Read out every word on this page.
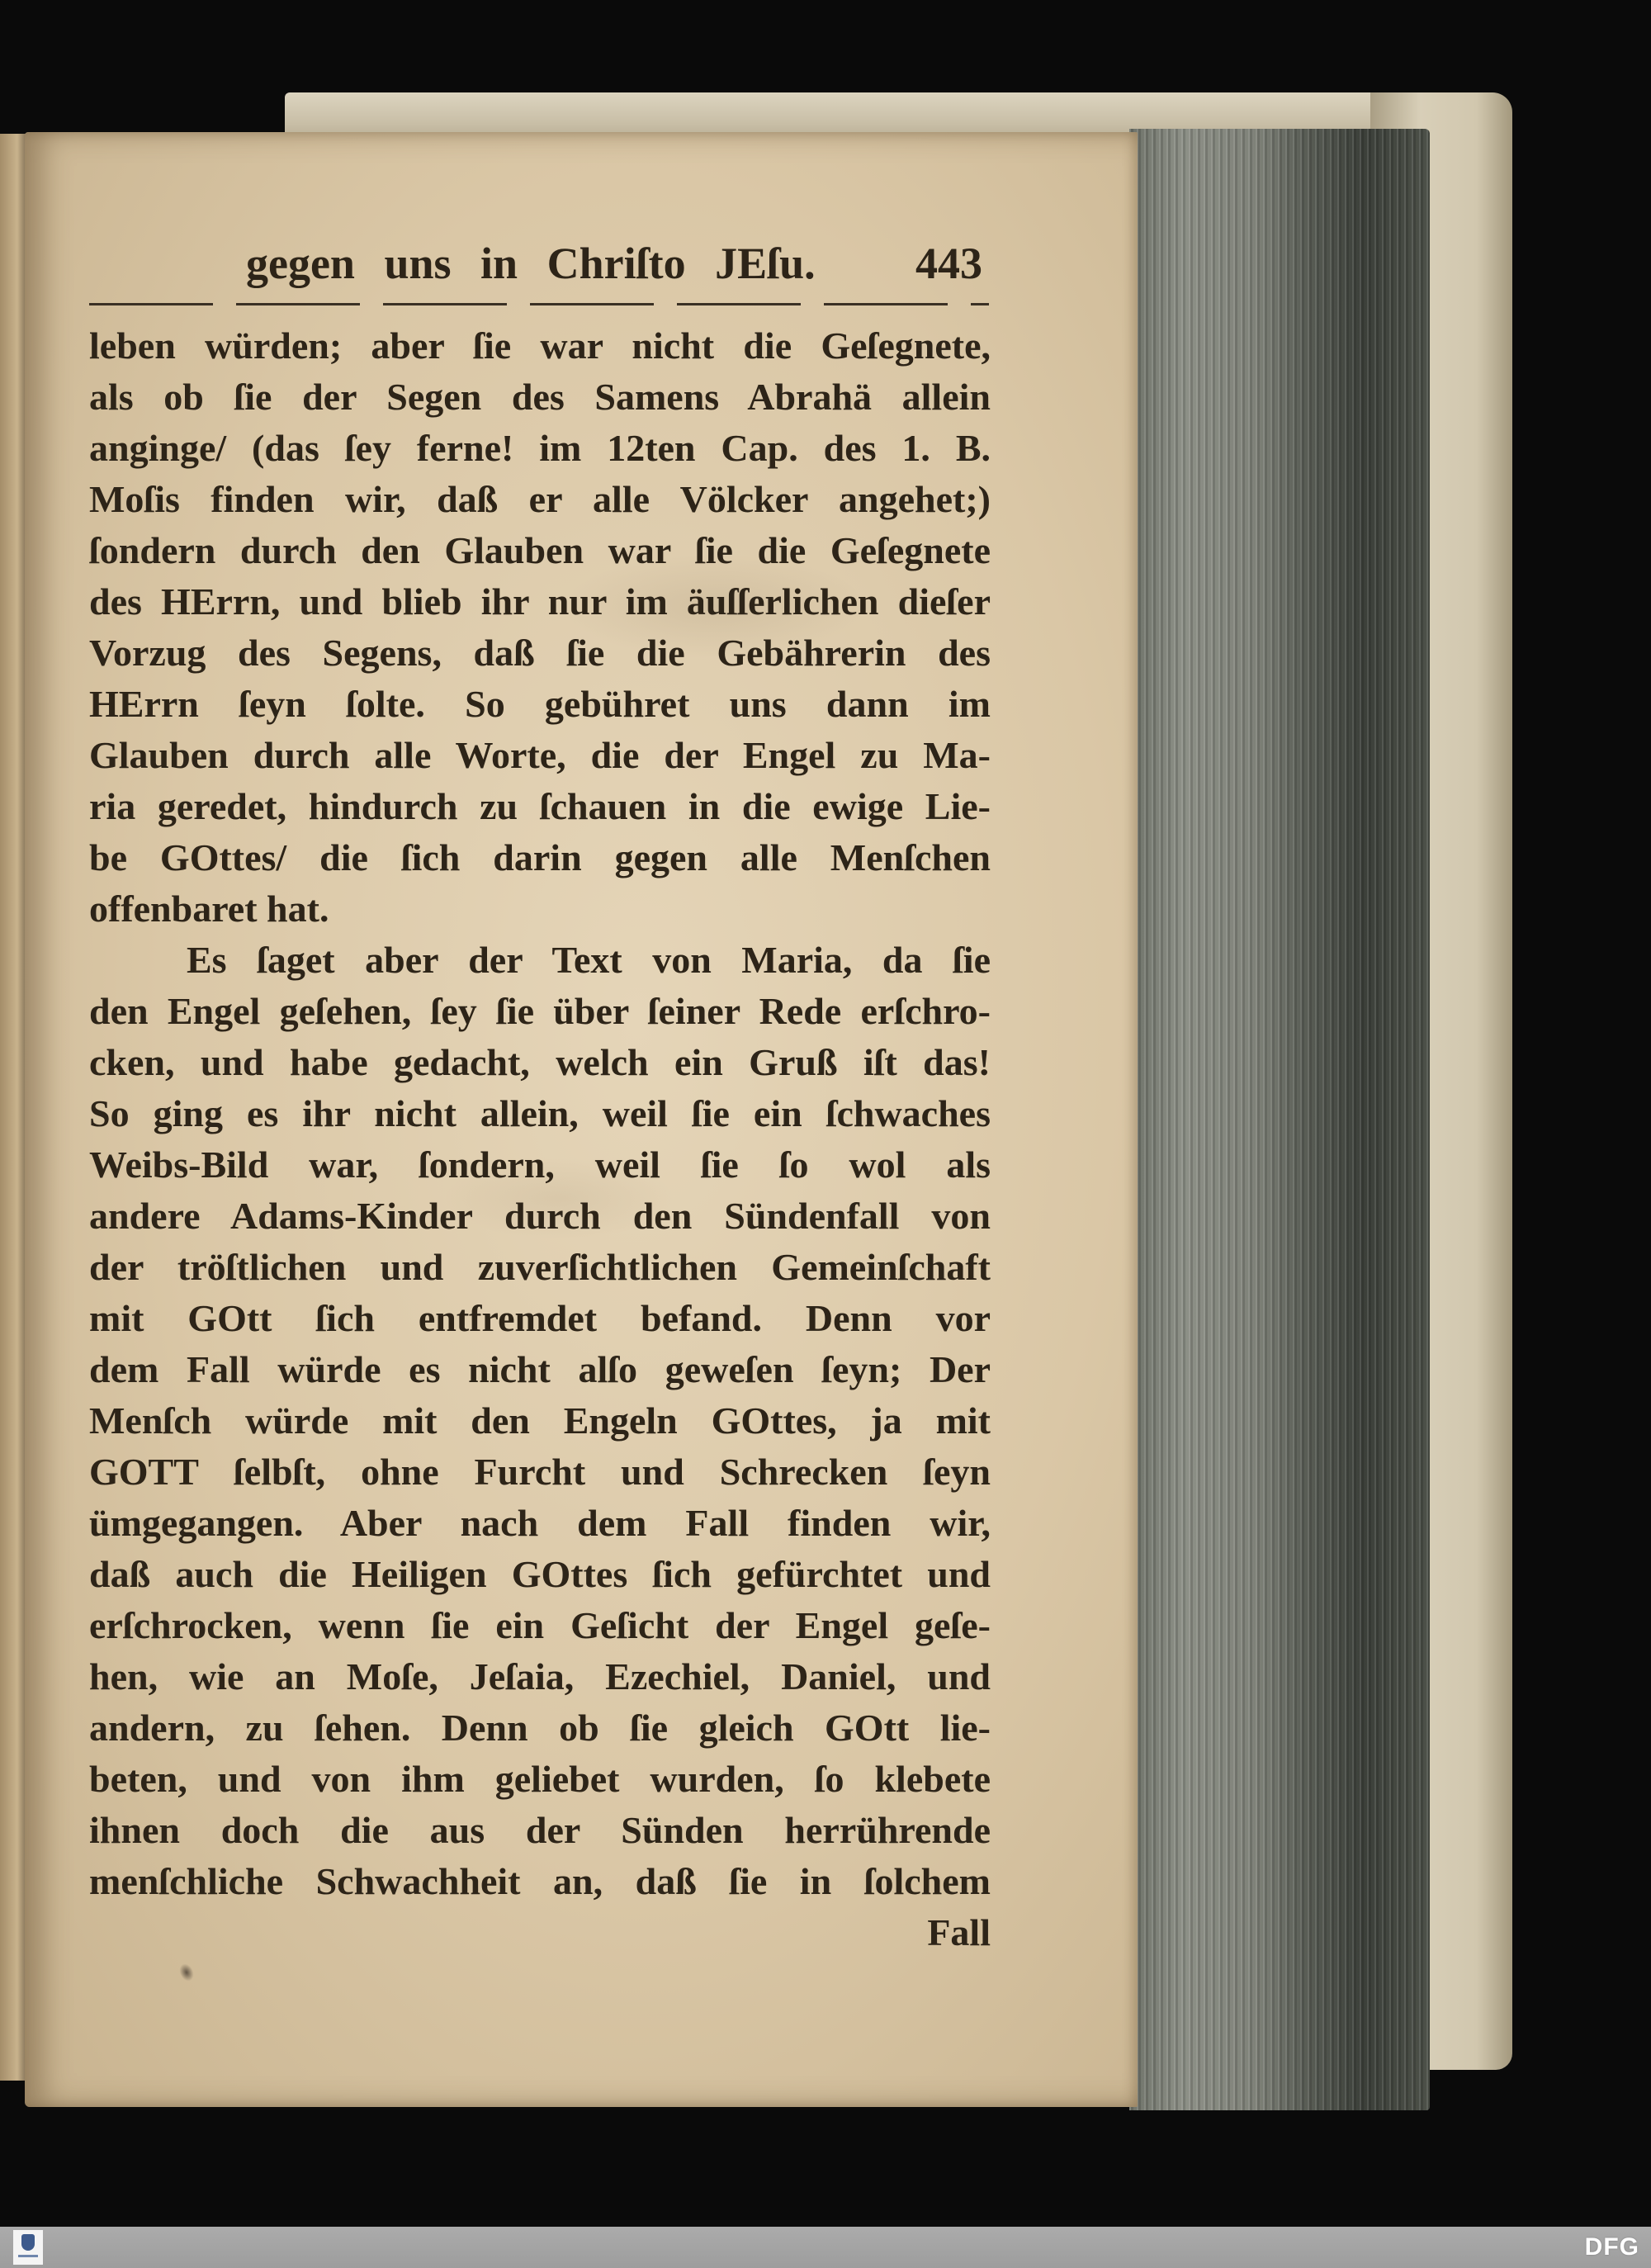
gegen uns in Chriſto JEſu.	443
leben würden; aber ſie war nicht die Geſegnete,
als ob ſie der Segen des Samens Abrahä allein
anginge/ (das ſey ferne! im 12ten Cap. des 1. B.
Moſis finden wir, daß er alle Völcker angehet;)
ſondern durch den Glauben war ſie die Geſegnete
des HErrn, und blieb ihr nur im äuſſerlichen dieſer
Vorzug des Segens, daß ſie die Gebährerin des
HErrn ſeyn ſolte. So gebühret uns dann im
Glauben durch alle Worte, die der Engel zu Ma-
ria geredet, hindurch zu ſchauen in die ewige Lie-
be GOttes/ die ſich darin gegen alle Menſchen
offenbaret hat.
Es ſaget aber der Text von Maria, da ſie
den Engel geſehen, ſey ſie über ſeiner Rede erſchro-
cken, und habe gedacht, welch ein Gruß iſt das!
So ging es ihr nicht allein, weil ſie ein ſchwaches
Weibs-Bild war, ſondern, weil ſie ſo wol als
andere Adams-Kinder durch den Sündenfall von
der tröſtlichen und zuverſichtlichen Gemeinſchaft
mit GOtt ſich entfremdet befand. Denn vor
dem Fall würde es nicht alſo geweſen ſeyn; Der
Menſch würde mit den Engeln GOttes, ja mit
GOTT ſelbſt, ohne Furcht und Schrecken ſeyn
ümgegangen. Aber nach dem Fall finden wir,
daß auch die Heiligen GOttes ſich gefürchtet und
erſchrocken, wenn ſie ein Geſicht der Engel geſe-
hen, wie an Moſe, Jeſaia, Ezechiel, Daniel, und
andern, zu ſehen. Denn ob ſie gleich GOtt lie-
beten, und von ihm geliebet wurden, ſo klebete
ihnen doch die aus der Sünden herrührende
menſchliche Schwachheit an, daß ſie in ſolchem
Fall
DFG
